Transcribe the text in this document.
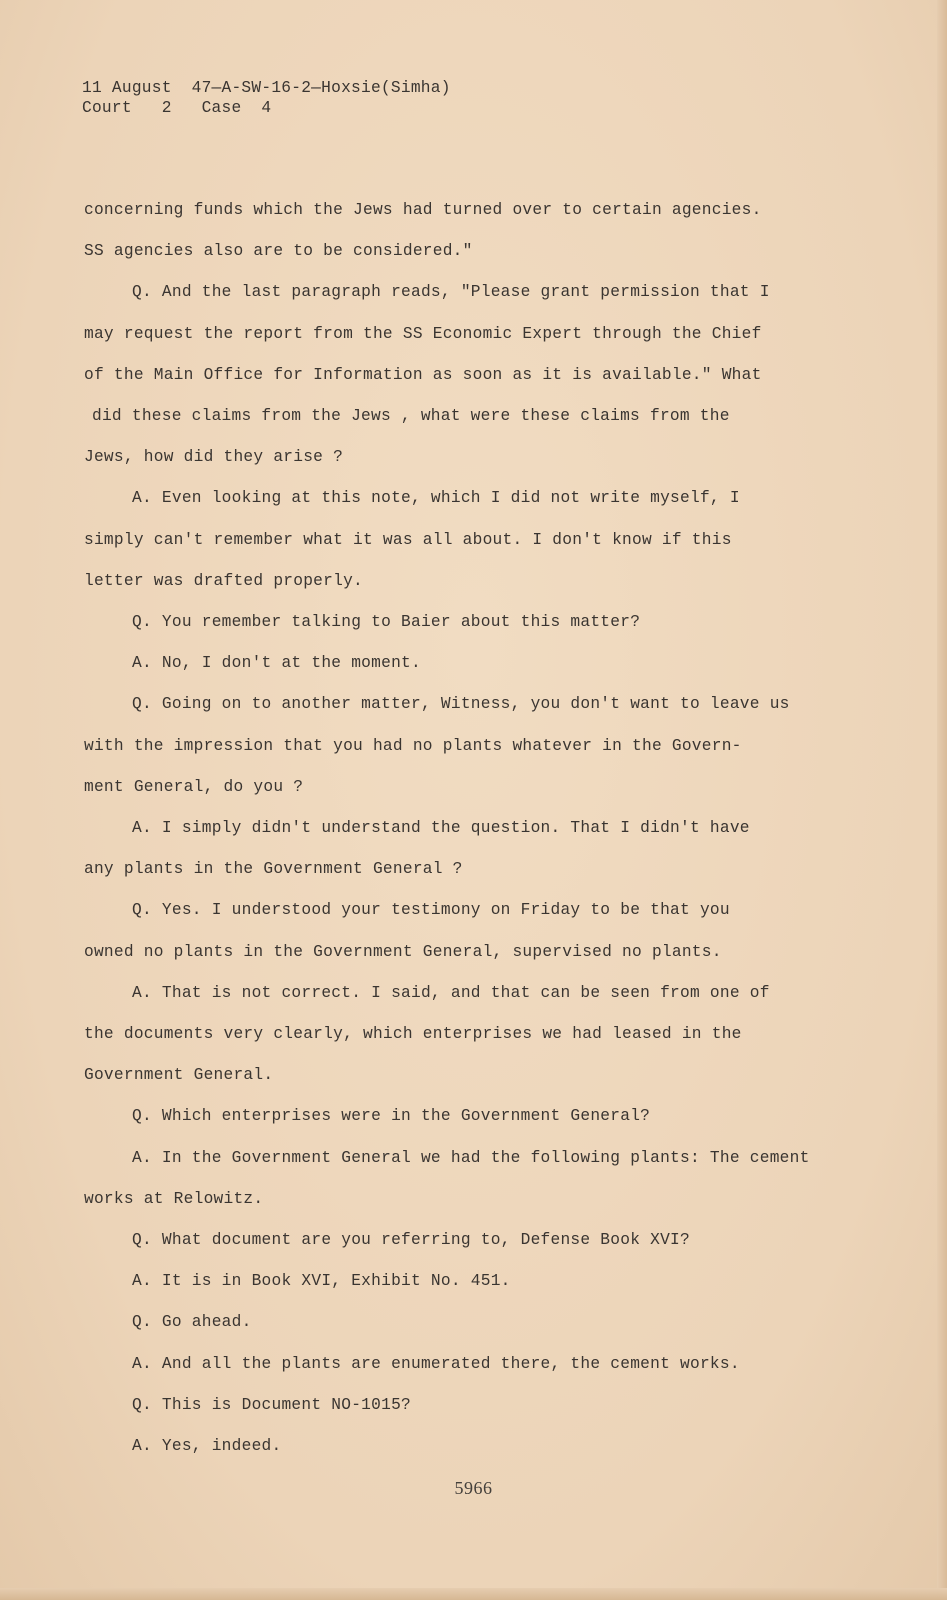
11 August  47—A-SW-16-2—Hoxsie(Simha)
Court   2   Case  4

concerning funds which the Jews had turned over to certain agencies.

SS agencies also are to be considered."

Q. And the last paragraph reads, "Please grant permission that I

may request the report from the SS Economic Expert through the Chief

of the Main Office for Information as soon as it is available." What

did these claims from the Jews , what were these claims from the

Jews, how did they arise ?

A. Even looking at this note, which I did not write myself, I

simply can't remember what it was all about. I don't know if this

letter was drafted properly.

Q. You remember talking to Baier about this matter?

A. No, I don't at the moment.

Q. Going on to another matter, Witness, you don't want to leave us

with the impression that you had no plants whatever in the Govern-

ment General, do you ?

A. I simply didn't understand the question. That I didn't have

any plants in the Government General ?

Q. Yes. I understood your testimony on Friday to be that you

owned no plants in the Government General, supervised no plants.

A. That is not correct. I said, and that can be seen from one of

the documents very clearly, which enterprises we had leased in the

Government General.

Q. Which enterprises were in the Government General?

A. In the Government General we had the following plants: The cement

works at Relowitz.

Q. What document are you referring to, Defense Book XVI?

A. It is in Book XVI, Exhibit No. 451.

Q. Go ahead.

A. And all the plants are enumerated there, the cement works.

Q. This is Document NO-1015?

A. Yes, indeed.

5966
